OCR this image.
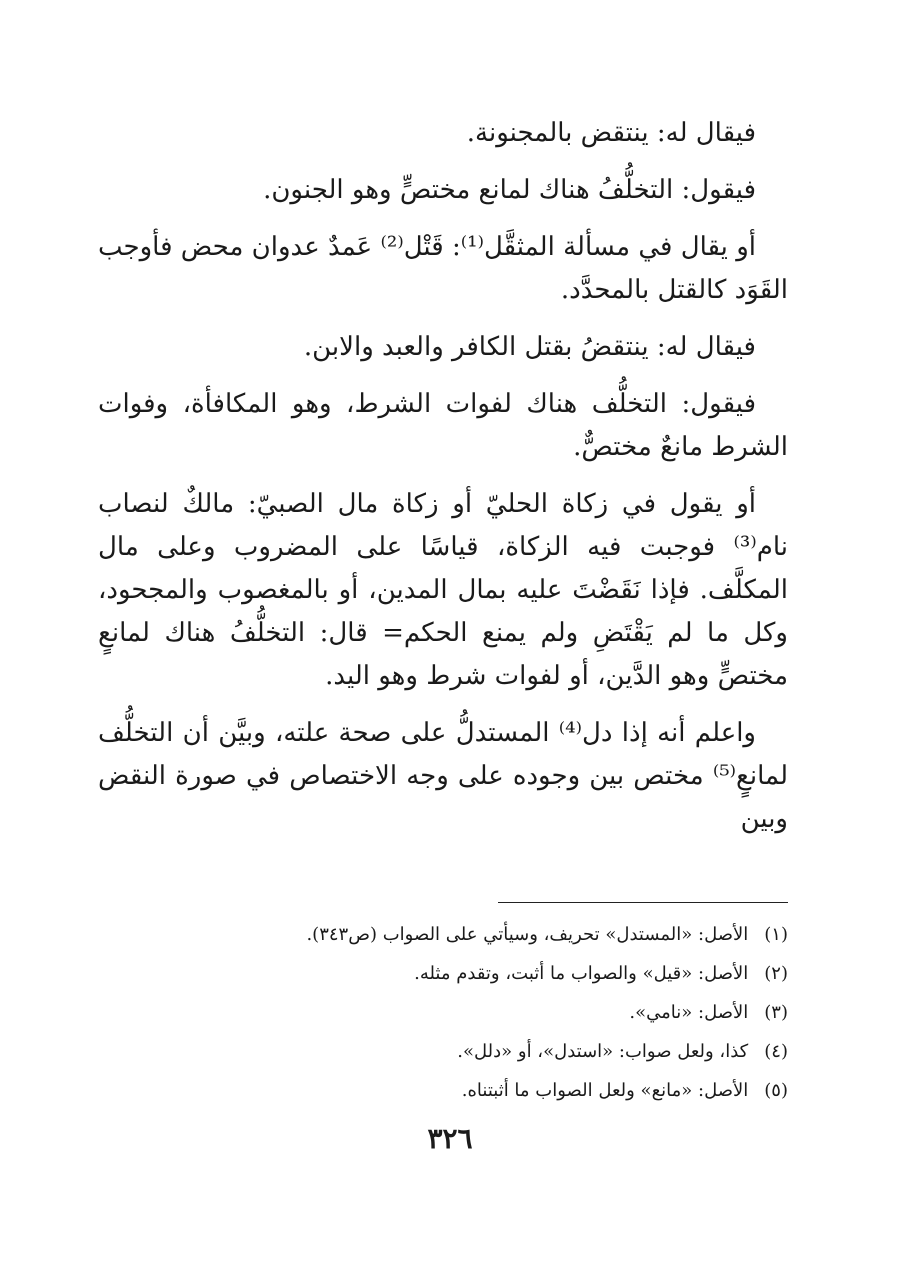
فيقال له: ينتقض بالمجنونة.

فيقول: التخلُّفُ هناك لمانع مختصٍّ وهو الجنون.

أو يقال في مسألة المثقَّل⁽¹⁾: قَتْل⁽²⁾ عَمدٌ عدوان محض فأوجب القَوَد كالقتل بالمحدَّد.

فيقال له: ينتقضُ بقتل الكافر والعبد والابن.

فيقول: التخلُّف هناك لفوات الشرط، وهو المكافأة، وفوات الشرط مانعٌ مختصٌّ.

أو يقول في زكاة الحليّ أو زكاة مال الصبيّ: مالكٌ لنصاب نام⁽³⁾ فوجبت فيه الزكاة، قياسًا على المضروب وعلى مال المكلَّف. فإذا نَقَضْتَ عليه بمال المدين، أو بالمغصوب والمجحود، وكل ما لم يَقْتَضِ ولم يمنع الحكم= قال: التخلُّفُ هناك لمانعٍ مختصٍّ وهو الدَّين، أو لفوات شرط وهو اليد.

واعلم أنه إذا دل⁽⁴⁾ المستدلُّ على صحة علته، وبيَّن أن التخلُّف لمانعٍ⁽⁵⁾ مختص بين وجوده على وجه الاختصاص في صورة النقض وبين

(١) الأصل: «المستدل» تحريف، وسيأتي على الصواب (ص٣٤٣).

(٢) الأصل: «قيل» والصواب ما أثبت، وتقدم مثله.

(٣) الأصل: «نامي».

(٤) كذا، ولعل صواب: «استدل»، أو «دلل».

(٥) الأصل: «مانع» ولعل الصواب ما أثبتناه.

٣٢٦
